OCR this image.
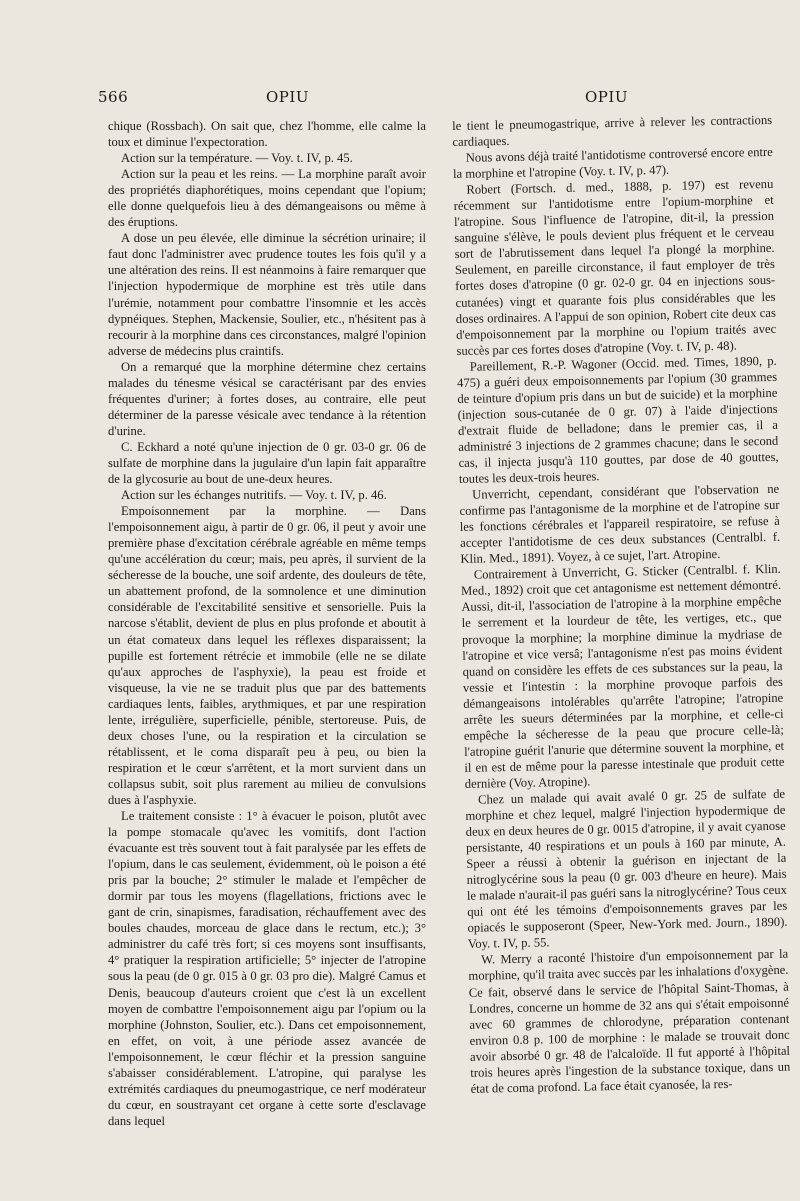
566	OPIU	OPIU

chique (Rossbach). On sait que, chez l'homme, elle calme la toux et diminue l'expectoration.

Action sur la température. — Voy. t. IV, p. 45.

Action sur la peau et les reins. — La morphine paraît avoir des propriétés diaphorétiques, moins cependant que l'opium; elle donne quelquefois lieu à des démangeaisons ou même à des éruptions.

A dose un peu élevée, elle diminue la sécrétion urinaire; il faut donc l'administrer avec prudence toutes les fois qu'il y a une altération des reins. Il est néanmoins à faire remarquer que l'injection hypodermique de morphine est très utile dans l'urémie, notamment pour combattre l'insomnie et les accès dypnéiques. Stephen, Mackensie, Soulier, etc., n'hésitent pas à recourir à la morphine dans ces circonstances, malgré l'opinion adverse de médecins plus craintifs.

On a remarqué que la morphine détermine chez certains malades du ténesme vésical se caractérisant par des envies fréquentes d'uriner; à fortes doses, au contraire, elle peut déterminer de la paresse vésicale avec tendance à la rétention d'urine.

C. Eckhard a noté qu'une injection de 0 gr. 03-0 gr. 06 de sulfate de morphine dans la jugulaire d'un lapin fait apparaître de la glycosurie au bout de une-deux heures.

Action sur les échanges nutritifs. — Voy. t. IV, p. 46.

Empoisonnement par la morphine. — Dans l'empoisonnement aigu, à partir de 0 gr. 06, il peut y avoir une première phase d'excitation cérébrale agréable en même temps qu'une accélération du cœur; mais, peu après, il survient de la sécheresse de la bouche, une soif ardente, des douleurs de tête, un abattement profond, de la somnolence et une diminution considérable de l'excitabilité sensitive et sensorielle. Puis la narcose s'établit, devient de plus en plus profonde et aboutit à un état comateux dans lequel les réflexes disparaissent; la pupille est fortement rétrécie et immobile (elle ne se dilate qu'aux approches de l'asphyxie), la peau est froide et visqueuse, la vie ne se traduit plus que par des battements cardiaques lents, faibles, arythmiques, et par une respiration lente, irrégulière, superficielle, pénible, stertoreuse. Puis, de deux choses l'une, ou la respiration et la circulation se rétablissent, et le coma disparaît peu à peu, ou bien la respiration et le cœur s'arrêtent, et la mort survient dans un collapsus subit, soit plus rarement au milieu de convulsions dues à l'asphyxie.

Le traitement consiste : 1° à évacuer le poison, plutôt avec la pompe stomacale qu'avec les vomitifs, dont l'action évacuante est très souvent tout à fait paralysée par les effets de l'opium, dans le cas seulement, évidemment, où le poison a été pris par la bouche; 2° stimuler le malade et l'empêcher de dormir par tous les moyens (flagellations, frictions avec le gant de crin, sinapismes, faradisation, réchauffement avec des boules chaudes, morceau de glace dans le rectum, etc.); 3° administrer du café très fort; si ces moyens sont insuffisants, 4° pratiquer la respiration artificielle; 5° injecter de l'atropine sous la peau (de 0 gr. 015 à 0 gr. 03 pro die). Malgré Camus et Denis, beaucoup d'auteurs croient que c'est là un excellent moyen de combattre l'empoisonnement aigu par l'opium ou la morphine (Johnston, Soulier, etc.). Dans cet empoisonnement, en effet, on voit, à une période assez avancée de l'empoisonnement, le cœur fléchir et la pression sanguine s'abaisser considérablement. L'atropine, qui paralyse les extrémités cardiaques du pneumogastrique, ce nerf modérateur du cœur, en soustrayant cet organe à cette sorte d'esclavage dans lequel

le tient le pneumogastrique, arrive à relever les contractions cardiaques.

Nous avons déjà traité l'antidotisme controversé encore entre la morphine et l'atropine (Voy. t. IV, p. 47).

Robert (Fortsch. d. med., 1888, p. 197) est revenu récemment sur l'antidotisme entre l'opium-morphine et l'atropine. Sous l'influence de l'atropine, dit-il, la pression sanguine s'élève, le pouls devient plus fréquent et le cerveau sort de l'abrutissement dans lequel l'a plongé la morphine. Seulement, en pareille circonstance, il faut employer de très fortes doses d'atropine (0 gr. 02-0 gr. 04 en injections sous-cutanées) vingt et quarante fois plus considérables que les doses ordinaires. A l'appui de son opinion, Robert cite deux cas d'empoisonnement par la morphine ou l'opium traités avec succès par ces fortes doses d'atropine (Voy. t. IV, p. 48).

Pareillement, R.-P. Wagoner (Occid. med. Times, 1890, p. 475) a guéri deux empoisonnements par l'opium (30 grammes de teinture d'opium pris dans un but de suicide) et la morphine (injection sous-cutanée de 0 gr. 07) à l'aide d'injections d'extrait fluide de belladone; dans le premier cas, il a administré 3 injections de 2 grammes chacune; dans le second cas, il injecta jusqu'à 110 gouttes, par dose de 40 gouttes, toutes les deux-trois heures.

Unverricht, cependant, considérant que l'observation ne confirme pas l'antagonisme de la morphine et de l'atropine sur les fonctions cérébrales et l'appareil respiratoire, se refuse à accepter l'antidotisme de ces deux substances (Centralbl. f. Klin. Med., 1891). Voyez, à ce sujet, l'art. Atropine.

Contrairement à Unverricht, G. Sticker (Centralbl. f. Klin. Med., 1892) croit que cet antagonisme est nettement démontré. Aussi, dit-il, l'association de l'atropine à la morphine empêche le serrement et la lourdeur de tête, les vertiges, etc., que provoque la morphine; la morphine diminue la mydriase de l'atropine et vice versâ; l'antagonisme n'est pas moins évident quand on considère les effets de ces substances sur la peau, la vessie et l'intestin : la morphine provoque parfois des démangeaisons intolérables qu'arrête l'atropine; l'atropine arrête les sueurs déterminées par la morphine, et celle-ci empêche la sécheresse de la peau que procure celle-là; l'atropine guérit l'anurie que détermine souvent la morphine, et il en est de même pour la paresse intestinale que produit cette dernière (Voy. Atropine).

Chez un malade qui avait avalé 0 gr. 25 de sulfate de morphine et chez lequel, malgré l'injection hypodermique de deux en deux heures de 0 gr. 0015 d'atropine, il y avait cyanose persistante, 40 respirations et un pouls à 160 par minute, A. Speer a réussi à obtenir la guérison en injectant de la nitroglycérine sous la peau (0 gr. 003 d'heure en heure). Mais le malade n'aurait-il pas guéri sans la nitroglycérine? Tous ceux qui ont été les témoins d'empoisonnements graves par les opiacés le supposeront (Speer, New-York med. Journ., 1890). Voy. t. IV, p. 55.

W. Merry a raconté l'histoire d'un empoisonnement par la morphine, qu'il traita avec succès par les inhalations d'oxygène. Ce fait, observé dans le service de l'hôpital Saint-Thomas, à Londres, concerne un homme de 32 ans qui s'était empoisonné avec 60 grammes de chlorodyne, préparation contenant environ 0.8 p. 100 de morphine : le malade se trouvait donc avoir absorbé 0 gr. 48 de l'alcaloïde. Il fut apporté à l'hôpital trois heures après l'ingestion de la substance toxique, dans un état de coma profond. La face était cyanosée, la res-
